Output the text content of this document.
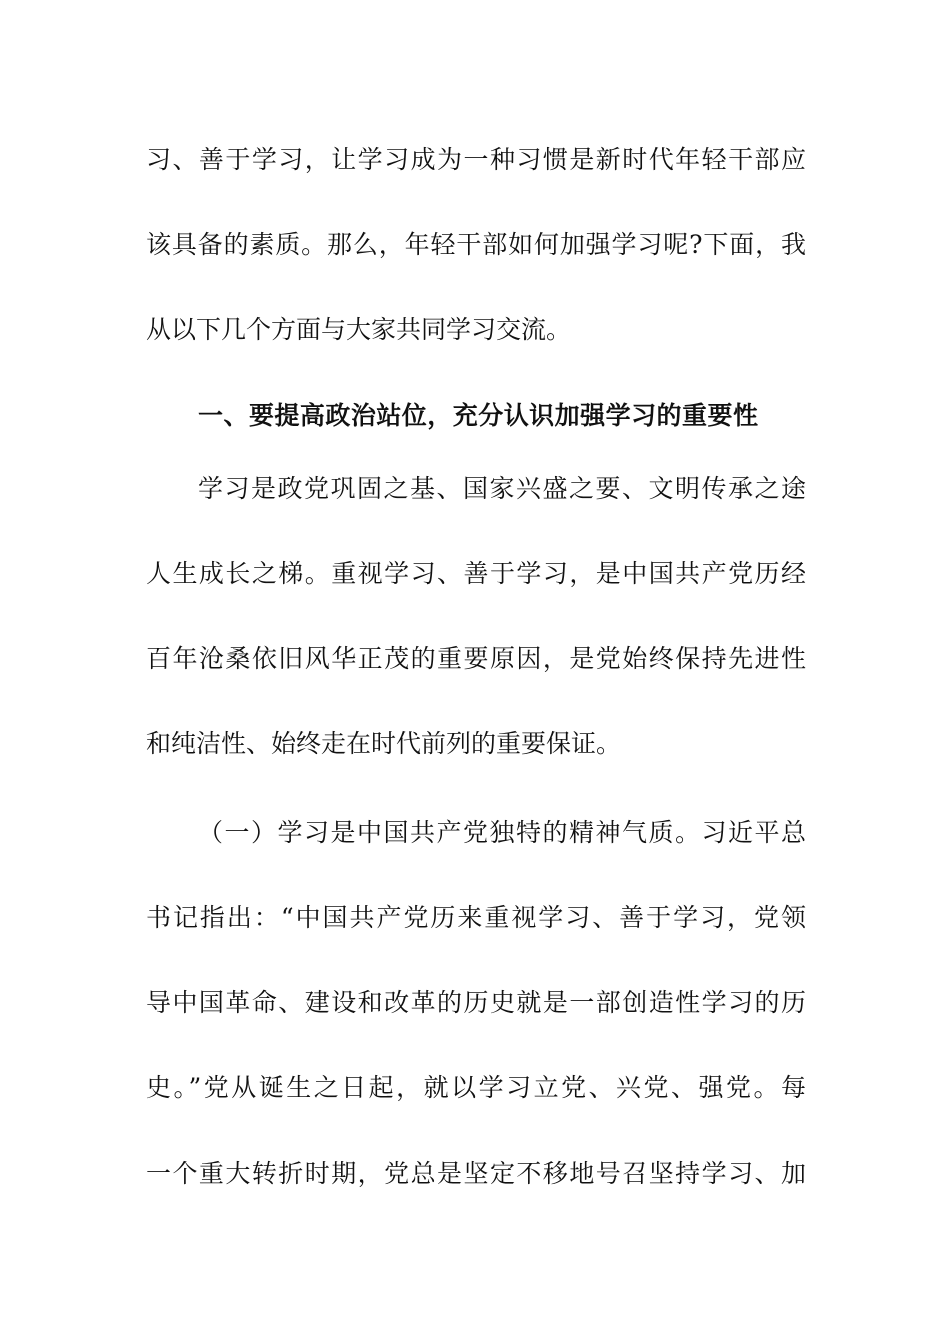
习、善于学习，让学习成为一种习惯是新时代年轻干部应
该具备的素质。那么，年轻干部如何加强学习呢?下面，我
从以下几个方面与大家共同学习交流。
一、要提高政治站位，充分认识加强学习的重要性
学习是政党巩固之基、国家兴盛之要、文明传承之途
人生成长之梯。重视学习、善于学习，是中国共产党历经
百年沧桑依旧风华正茂的重要原因，是党始终保持先进性
和纯洁性、始终走在时代前列的重要保证。
（一）学习是中国共产党独特的精神气质。习近平总
书记指出：“中国共产党历来重视学习、善于学习，党领
导中国革命、建设和改革的历史就是一部创造性学习的历
史。”党从诞生之日起，就以学习立党、兴党、强党。每
一个重大转折时期，党总是坚定不移地号召坚持学习、加
